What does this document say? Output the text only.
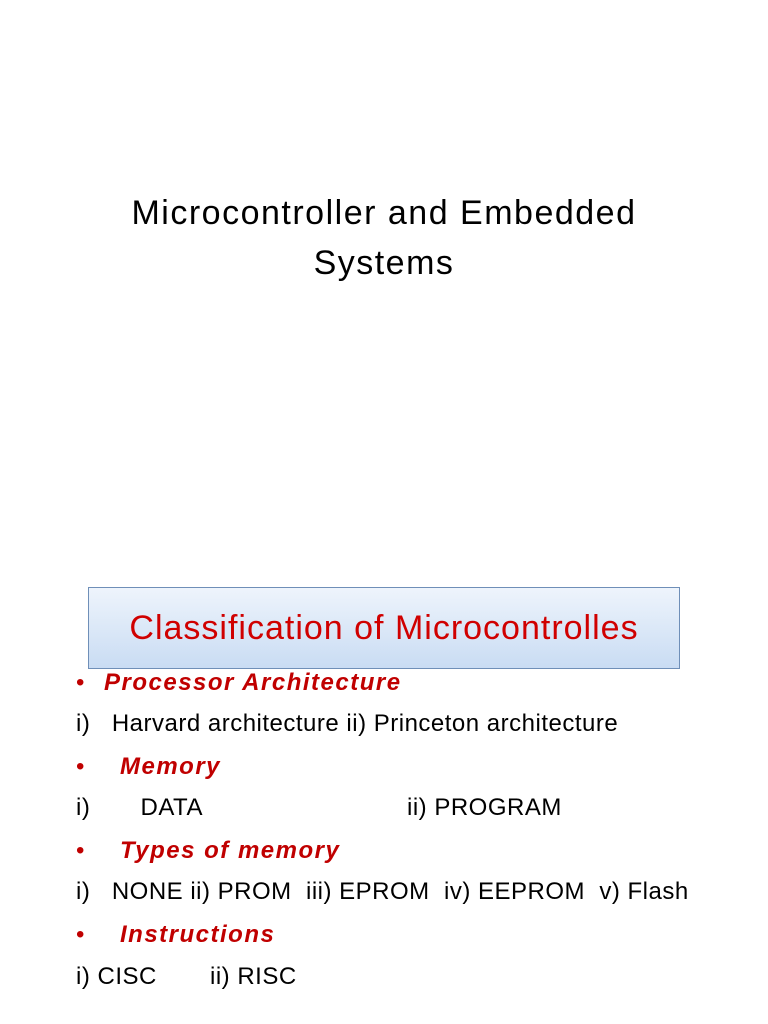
Microcontroller and Embedded
Systems
Classification of Microcontrolles
• Processor Architecture
i)   Harvard architecture ii) Princeton architecture
• Memory
i)       DATA	ii) PROGRAM
• Types of memory
i)   NONE ii) PROM  iii) EPROM  iv) EEPROM  v) Flash
• Instructions
i) CISC ii) RISC
